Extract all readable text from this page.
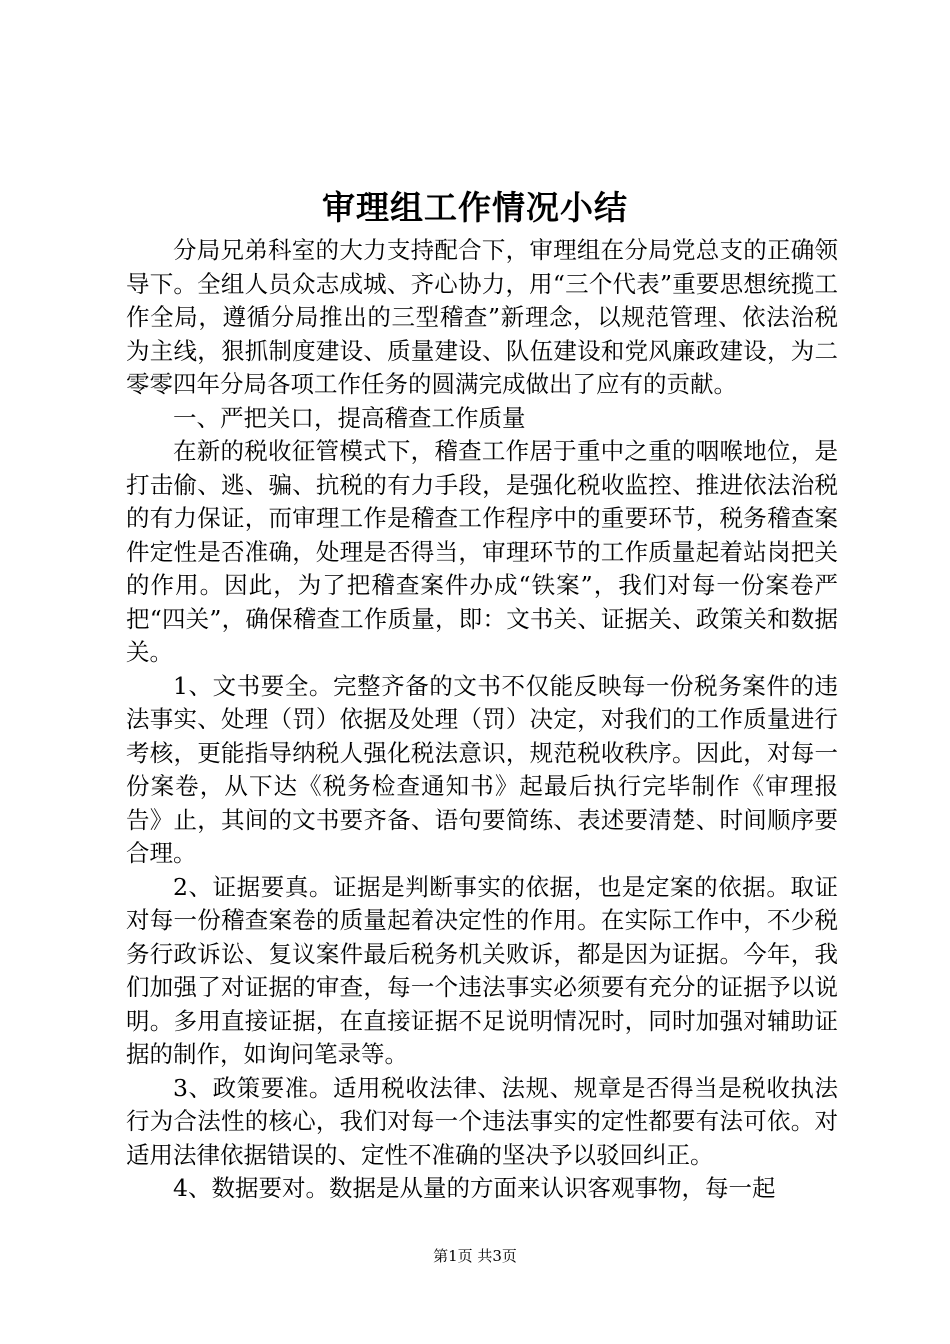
审理组工作情况小结

分局兄弟科室的大力支持配合下，审理组在分局党总支的正确领导下。全组人员众志成城、齐心协力，用“三个代表”重要思想统揽工作全局，遵循分局推出的三型稽查”新理念，以规范管理、依法治税为主线，狠抓制度建设、质量建设、队伍建设和党风廉政建设，为二零零四年分局各项工作任务的圆满完成做出了应有的贡献。

一、严把关口，提高稽查工作质量

在新的税收征管模式下，稽查工作居于重中之重的咽喉地位，是打击偷、逃、骗、抗税的有力手段，是强化税收监控、推进依法治税的有力保证，而审理工作是稽查工作程序中的重要环节，税务稽查案件定性是否准确，处理是否得当，审理环节的工作质量起着站岗把关的作用。因此，为了把稽查案件办成“铁案”，我们对每一份案卷严把“四关”，确保稽查工作质量，即：文书关、证据关、政策关和数据关。

1、文书要全。完整齐备的文书不仅能反映每一份税务案件的违法事实、处理（罚）依据及处理（罚）决定，对我们的工作质量进行考核，更能指导纳税人强化税法意识，规范税收秩序。因此，对每一份案卷，从下达《税务检查通知书》起最后执行完毕制作《审理报告》止，其间的文书要齐备、语句要简练、表述要清楚、时间顺序要合理。

2、证据要真。证据是判断事实的依据，也是定案的依据。取证对每一份稽查案卷的质量起着决定性的作用。在实际工作中，不少税务行政诉讼、复议案件最后税务机关败诉，都是因为证据。今年，我们加强了对证据的审查，每一个违法事实必须要有充分的证据予以说明。多用直接证据，在直接证据不足说明情况时，同时加强对辅助证据的制作，如询问笔录等。

3、政策要准。适用税收法律、法规、规章是否得当是税收执法行为合法性的核心，我们对每一个违法事实的定性都要有法可依。对适用法律依据错误的、定性不准确的坚决予以驳回纠正。

4、数据要对。数据是从量的方面来认识客观事物，每一起

第1页 共3页
